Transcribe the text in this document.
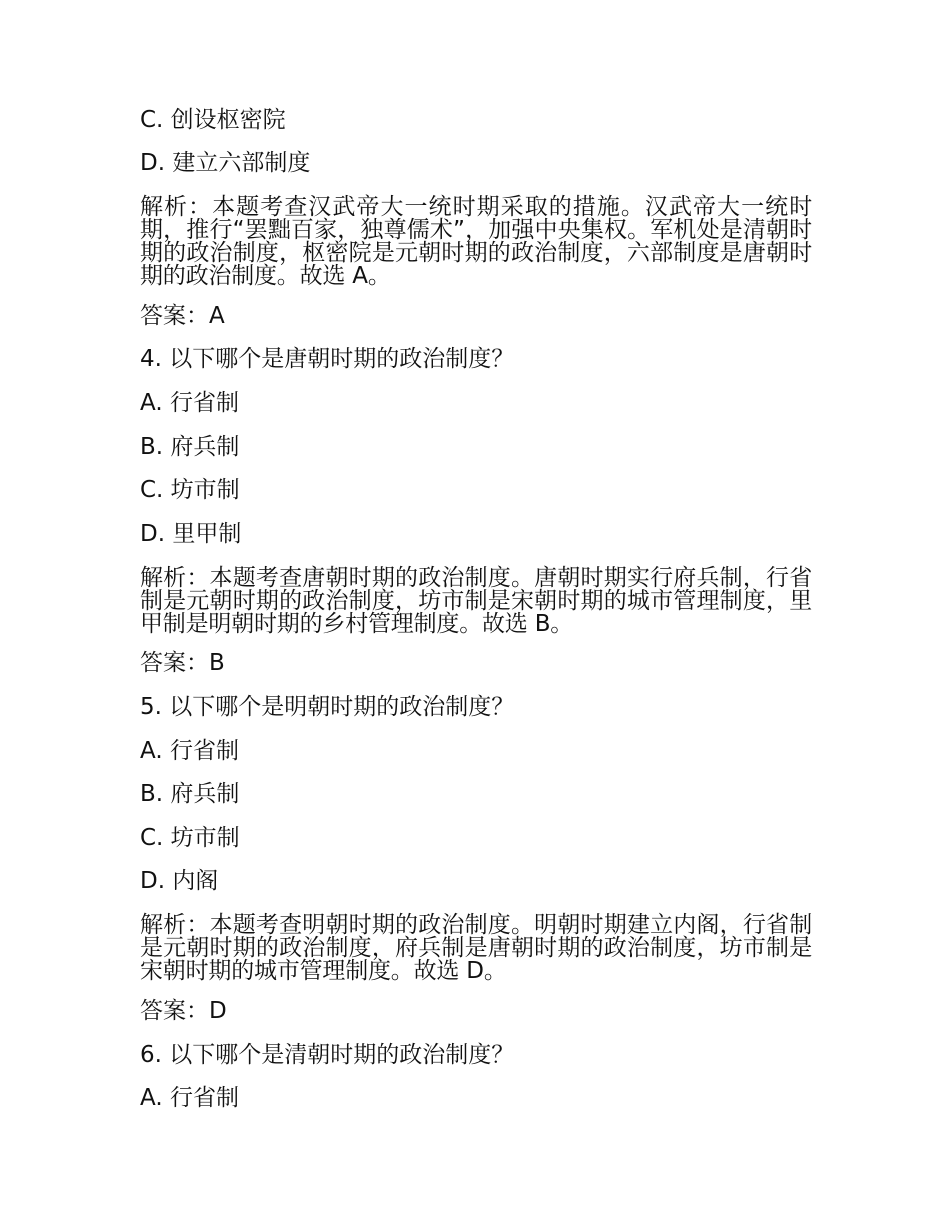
C. 创设枢密院
D. 建立六部制度
解析：本题考查汉武帝大一统时期采取的措施。汉武帝大一统时期，推行“罢黜百家，独尊儒术”，加强中央集权。军机处是清朝时期的政治制度，枢密院是元朝时期的政治制度，六部制度是唐朝时期的政治制度。故选 A。
答案：A
4. 以下哪个是唐朝时期的政治制度？
A. 行省制
B. 府兵制
C. 坊市制
D. 里甲制
解析：本题考查唐朝时期的政治制度。唐朝时期实行府兵制，行省制是元朝时期的政治制度，坊市制是宋朝时期的城市管理制度，里甲制是明朝时期的乡村管理制度。故选 B。
答案：B
5. 以下哪个是明朝时期的政治制度？
A. 行省制
B. 府兵制
C. 坊市制
D. 内阁
解析：本题考查明朝时期的政治制度。明朝时期建立内阁，行省制是元朝时期的政治制度，府兵制是唐朝时期的政治制度，坊市制是宋朝时期的城市管理制度。故选 D。
答案：D
6. 以下哪个是清朝时期的政治制度？
A. 行省制
